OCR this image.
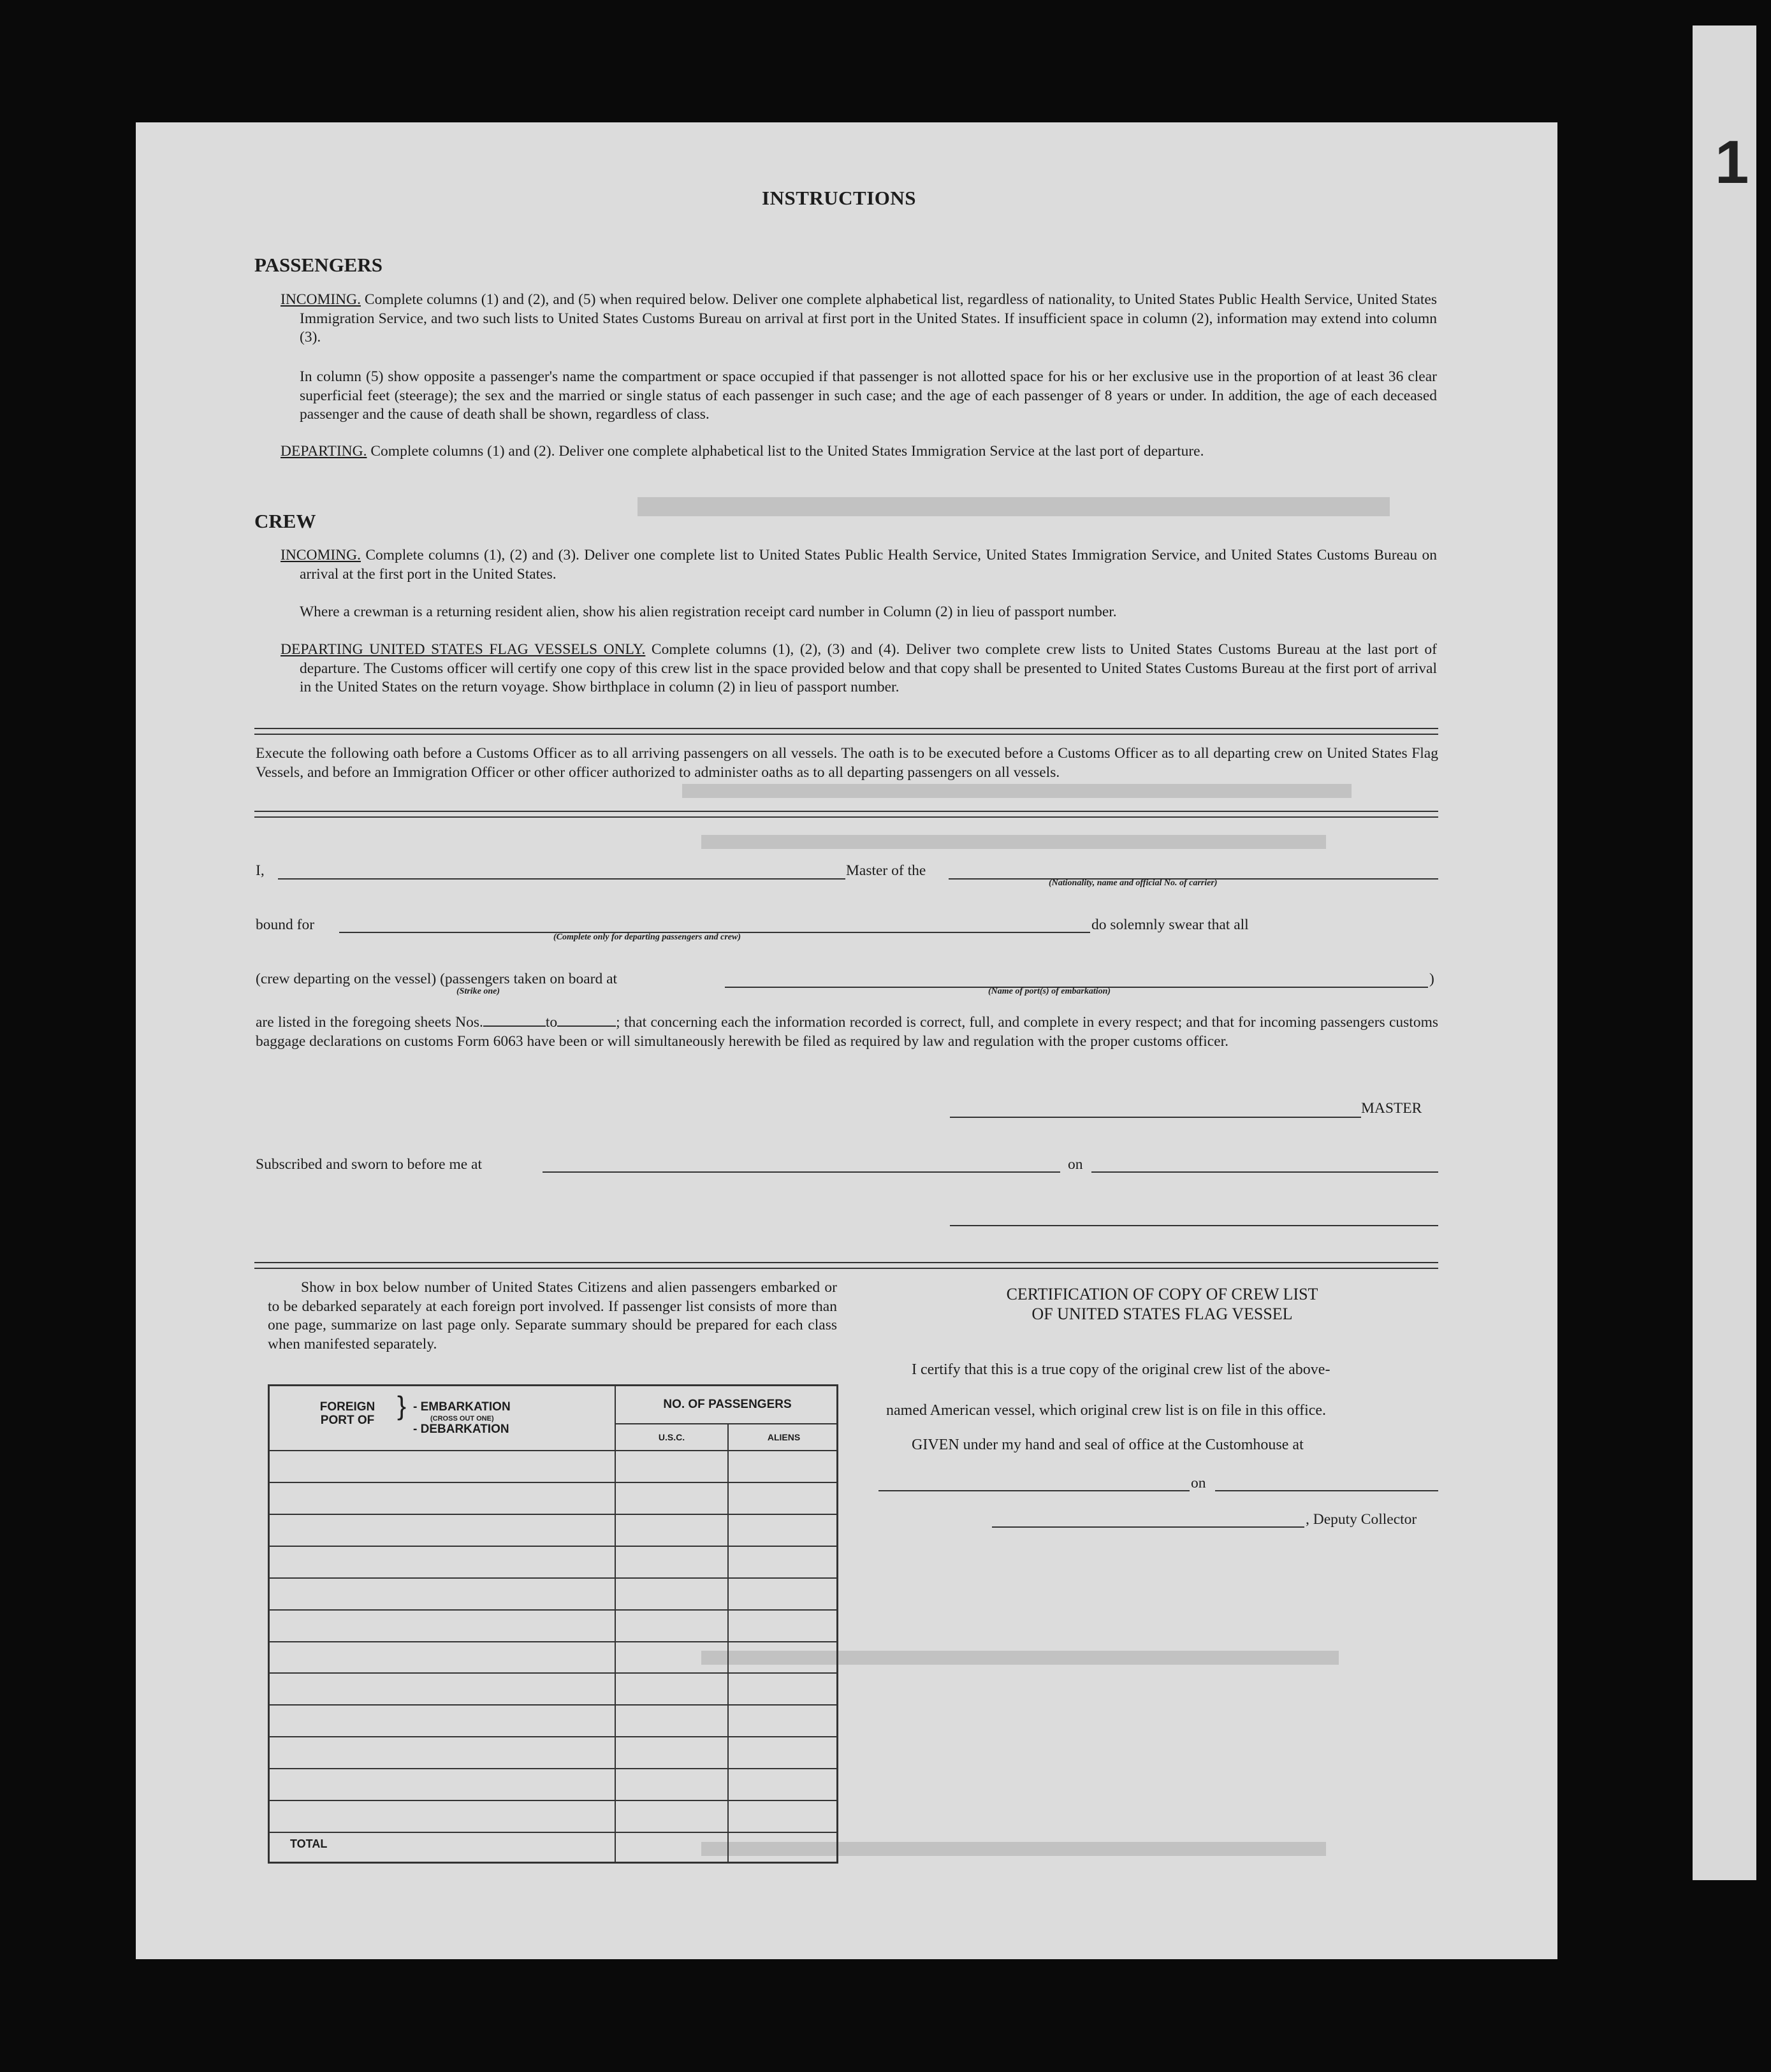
1
INSTRUCTIONS
PASSENGERS
INCOMING. Complete columns (1) and (2), and (5) when required below. Deliver one complete alphabetical list, regardless of nationality, to United States Public Health Service, United States Immigration Service, and two such lists to United States Customs Bureau on arrival at first port in the United States. If insufficient space in column (2), information may extend into column (3).
In column (5) show opposite a passenger's name the compartment or space occupied if that passenger is not allotted space for his or her exclusive use in the proportion of at least 36 clear superficial feet (steerage); the sex and the married or single status of each passenger in such case; and the age of each passenger of 8 years or under. In addition, the age of each deceased passenger and the cause of death shall be shown, regardless of class.
DEPARTING. Complete columns (1) and (2). Deliver one complete alphabetical list to the United States Immigration Service at the last port of departure.
CREW
INCOMING. Complete columns (1), (2) and (3). Deliver one complete list to United States Public Health Service, United States Immigration Service, and United States Customs Bureau on arrival at the first port in the United States.
Where a crewman is a returning resident alien, show his alien registration receipt card number in Column (2) in lieu of passport number.
DEPARTING UNITED STATES FLAG VESSELS ONLY. Complete columns (1), (2), (3) and (4). Deliver two complete crew lists to United States Customs Bureau at the last port of departure. The Customs officer will certify one copy of this crew list in the space provided below and that copy shall be presented to United States Customs Bureau at the first port of arrival in the United States on the return voyage. Show birthplace in column (2) in lieu of passport number.
Execute the following oath before a Customs Officer as to all arriving passengers on all vessels. The oath is to be executed before a Customs Officer as to all departing crew on United States Flag Vessels, and before an Immigration Officer or other officer authorized to administer oaths as to all departing passengers on all vessels.
I,	Master of the
(Nationality, name and official No. of carrier)
bound for
(Complete only for departing passengers and crew)
do solemnly swear that all
(crew departing on the vessel) (passengers taken on board at
(Strike one)	(Name of port(s) of embarkation)
)
are listed in the foregoing sheets Nos.	to	; that concerning each the information recorded is correct, full, and complete in every respect; and that for incoming passengers customs baggage declarations on customs Form 6063 have been or will simultaneously herewith be filed as required by law and regulation with the proper customs officer.
MASTER
Subscribed and sworn to before me at	on
Show in box below number of United States Citizens and alien passengers embarked or to be debarked separately at each foreign port involved. If passenger list consists of more than one page, summarize on last page only. Separate summary should be prepared for each class when manifested separately.
FOREIGN PORT OF } - EMBARKATION
(CROSS OUT ONE)
- DEBARKATION
NO. OF PASSENGERS
U.S.C.	ALIENS
TOTAL
CERTIFICATION OF COPY OF CREW LIST
OF UNITED STATES FLAG VESSEL
I certify that this is a true copy of the original crew list of the above-
named American vessel, which original crew list is on file in this office.
GIVEN under my hand and seal of office at the Customhouse at
on
, Deputy Collector
